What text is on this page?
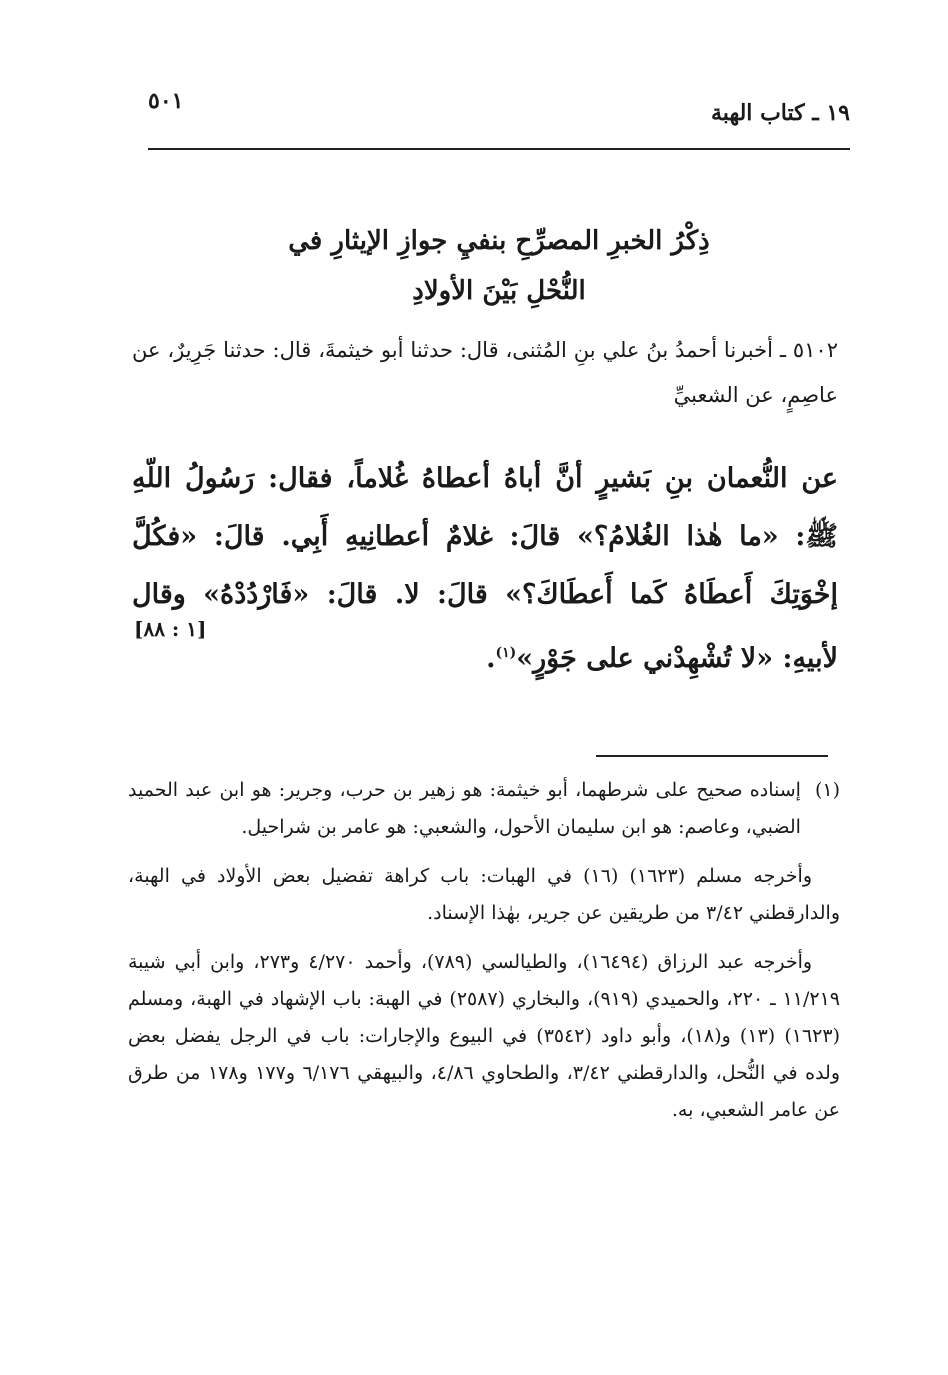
١٩ ـ كتاب الهبة
٥٠١
ذِكْرُ الخبرِ المصرِّحِ بنفيِ جوازِ الإيثارِ في
النُّحْلِ بَيْنَ الأولادِ
٥١٠٢ ـ أخبرنا أحمدُ بنُ علي بنِ المُثنى، قال: حدثنا أبو خيثمةَ، قال: حدثنا جَرِيرٌ، عن عاصِمٍ، عن الشعبيِّ
عن النُّعمان بنِ بَشيرٍ أنَّ أباهُ أعطاهُ غُلاماً، فقال: رَسُولُ اللّهِ ﷺ: «ما هٰذا الغُلامُ؟» قالَ: غلامٌ أعطانِيهِ أَبِي. قالَ: «فكُلَّ إخْوَتِكَ أَعطَاهُ كَما أَعطَاكَ؟» قالَ: لا. قالَ: «فَارْدُدْهُ» وقال لأبيهِ: «لا تُشْهِدْني على جَوْرٍ»$^{(١)}$.
[١ : ٨٨]
(١)
إسناده صحيح على شرطهما، أبو خيثمة: هو زهير بن حرب، وجرير: هو ابن عبد الحميد الضبي، وعاصم: هو ابن سليمان الأحول، والشعبي: هو عامر بن شراحيل.
وأخرجه مسلم (١٦٢٣) (١٦) في الهبات: باب كراهة تفضيل بعض الأولاد في الهبة، والدارقطني ٣/٤٢ من طريقين عن جرير، بهٰذا الإسناد.
وأخرجه عبد الرزاق (١٦٤٩٤)، والطيالسي (٧٨٩)، وأحمد ٤/٢٧٠ و٢٧٣، وابن أبي شيبة ١١/٢١٩ ـ ٢٢٠، والحميدي (٩١٩)، والبخاري (٢٥٨٧) في الهبة: باب الإشهاد في الهبة، ومسلم (١٦٢٣) (١٣) و(١٨)، وأبو داود (٣٥٤٢) في البيوع والإجارات: باب في الرجل يفضل بعض ولده في النُّحل، والدارقطني ٣/٤٢، والطحاوي ٤/٨٦، والبيهقي ٦/١٧٦ و١٧٧ و١٧٨ من طرق عن عامر الشعبي، به.
